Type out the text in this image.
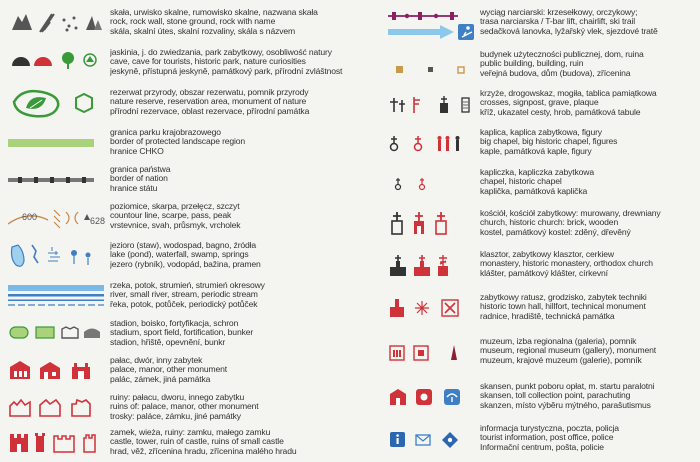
skała, urwisko skalne, rumowisko skalne, nazwana skała
rock, rock wall, stone ground, rock with name
skála, skalní útes, skalní rozvaliny, skála s názvem
jaskinia, j. do zwiedzania, park zabytkowy, osobliwość natury
cave, cave for tourists, historic park, nature curiosities
jeskyně, přístupná jeskyně, památkový park, přírodní zvláštnost
rezerwat przyrody, obszar rezerwatu, pomnik przyrody
nature reserve, reservation area, monument of nature
přírodní rezervace, oblast rezervace, přírodní památka
granica parku krajobrazowego
border of protected landscape region
hranice CHKO
granica państwa
border of nation
hranice státu
600	628
poziomice, skarpa, przełęcz, szczyt
countour line, scarpe, pass, peak
vrstevnice, svah, průsmyk, vrcholek
jezioro (staw), wodospad, bagno, źródła
lake (pond), waterfall, swamp, springs
jezero (rybník), vodopád, bažina, pramen
rzeka, potok, strumień, strumień okresowy
river, small river, stream, periodic stream
řeka, potok, potůček, periodický potůček
stadion, boisko, fortyfikacja, schron
stadium, sport field, fortification, bunker
stadion, hřiště, opevnění, bunkr
pałac, dwór, inny zabytek
palace, manor, other monument
palác, zámek, jiná památka
ruiny: pałacu, dworu, innego zabytku
ruins of: palace, manor, other monument
trosky: paláce, zámku, jiné památky
zamek, wieża, ruiny: zamku, małego zamku
castle, tower, ruin of castle, ruins of small castle
hrad, věž, zřícenina hradu, zřícenina malého hradu
wyciąg narciarski: krzesełkowy, orczykowy;
trasa narciarska / T-bar lift, chairlift, ski trail
sedačková lanovka, lyžařský vlek, sjezdové tratě
budynek użyteczności publicznej, dom, ruina
public building, building, ruin
veřejná budova, dům (budova), zřícenina
krzyże, drogowskaz, mogiła, tablica pamiątkowa
crosses, signpost, grave, plaque
kříž, ukazatel cesty, hrob, památková tabule
kaplica, kaplica zabytkowa, figury
big chapel, big historic chapel, figures
kaple, památková kaple, figury
kapliczka, kapliczka zabytkowa
chapel, historic chapel
kaplička, památková kaplička
kościół, kościół zabytkowy: murowany, drewniany
church, historic church: brick, wooden
kostel, památkový kostel: zděný, dřevěný
klasztor, zabytkowy klasztor, cerkiew
monastery, historic monastery, orthodox church
klášter, památkový klášter, církevní
zabytkowy ratusz, grodzisko, zabytek techniki
historic town hall, hillfort, technical monument
radnice, hradiště, technická památka
muzeum, izba regionalna (galeria), pomnik
museum, regional museum (gallery), monument
muzeum, krajové muzeum (galerie), pomník
skansen, punkt poboru opłat, m. startu paralotni
skansen, toll collection point, parachuting
skanzen, místo výběru mýtného, parašutismus
informacja turystyczna, poczta, policja
tourist information, post office, police
Informační centrum, pošta, policie
